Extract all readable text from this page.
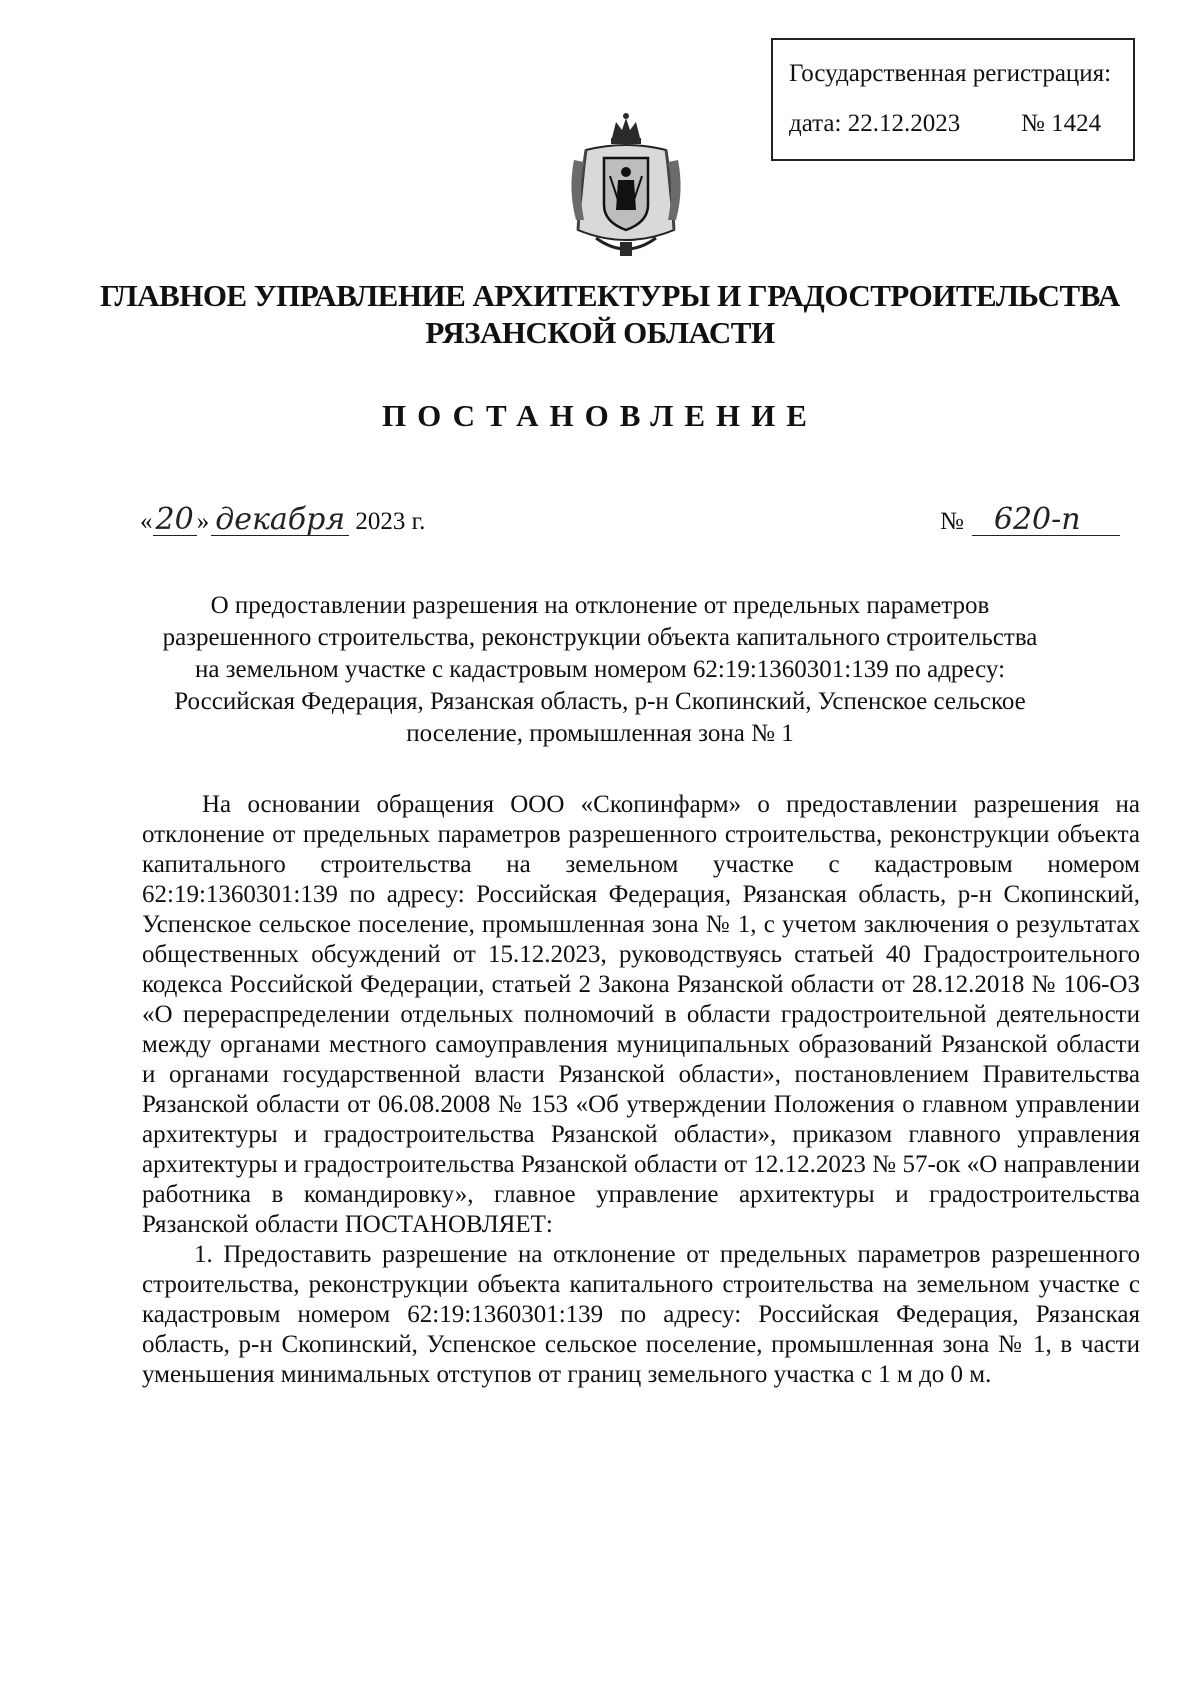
Государственная регистрация:
дата: 22.12.2023 № 1424
ГЛАВНОЕ УПРАВЛЕНИЕ АРХИТЕКТУРЫ И ГРАДОСТРОИТЕЛЬСТВА
РЯЗАНСКОЙ ОБЛАСТИ
ПОСТАНОВЛЕНИЕ
« 20 » декабря 2023 г.	№ 620-п
О предоставлении разрешения на отклонение от предельных параметров разрешенного строительства, реконструкции объекта капитального строительства на земельном участке с кадастровым номером 62:19:1360301:139 по адресу: Российская Федерация, Рязанская область, р-н Скопинский, Успенское сельское поселение, промышленная зона № 1

На основании обращения ООО «Скопинфарм» о предоставлении разрешения на отклонение от предельных параметров разрешенного строительства, реконструкции объекта капитального строительства на земельном участке с кадастровым номером 62:19:1360301:139 по адресу: Российская Федерация, Рязанская область, р-н Скопинский, Успенское сельское поселение, промышленная зона № 1, с учетом заключения о результатах общественных обсуждений от 15.12.2023, руководствуясь статьей 40 Градостроительного кодекса Российской Федерации, статьей 2 Закона Рязанской области от 28.12.2018 № 106-ОЗ «О перераспределении отдельных полномочий в области градостроительной деятельности между органами местного самоуправления муниципальных образований Рязанской области и органами государственной власти Рязанской области», постановлением Правительства Рязанской области от 06.08.2008 № 153 «Об утверждении Положения о главном управлении архитектуры и градостроительства Рязанской области», приказом главного управления архитектуры и градостроительства Рязанской области от 12.12.2023 № 57-ок «О направлении работника в командировку», главное управление архитектуры и градостроительства Рязанской области ПОСТАНОВЛЯЕТ:

1. Предоставить разрешение на отклонение от предельных параметров разрешенного строительства, реконструкции объекта капитального строительства на земельном участке с кадастровым номером 62:19:1360301:139 по адресу: Российская Федерация, Рязанская область, р-н Скопинский, Успенское сельское поселение, промышленная зона № 1, в части уменьшения минимальных отступов от границ земельного участка с 1 м до 0 м.
